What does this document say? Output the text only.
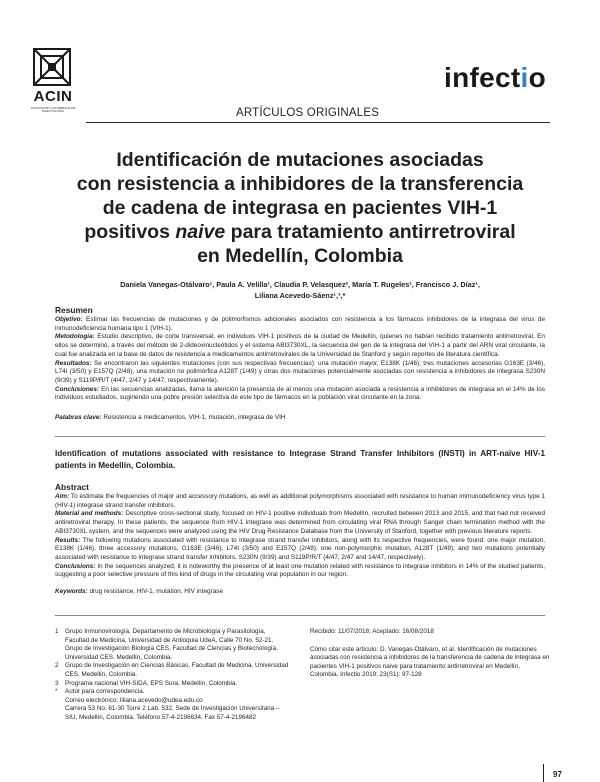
ACIN
ASOCIACIÓN COLOMBIANA DE INFECTOLOGÍA
infectio
ARTÍCULOS ORIGINALES
Identificación de mutaciones asociadas
con resistencia a inhibidores de la transferencia
de cadena de integrasa en pacientes VIH-1
positivos naive para tratamiento antirretroviral
en Medellín, Colombia
Daniela Vanegas-Otálvaro¹, Paula A. Velilla¹, Claudia P. Velasquez², María T. Rugeles¹, Francisco J. Díaz¹,
Liliana Acevedo-Sáenz¹,³,*
Resumen
Objetivo: Estimar las frecuencias de mutaciones y de polimorfismos adicionales asociados con resistencia a los fármacos inhibidores de la integrasa del virus de inmunodeficiencia humana tipo 1 (VIH-1).
Metodología: Estudio descriptivo, de corte transversal, en individuos VIH-1 positivos de la ciudad de Medellín, quienes no habían recibido tratamiento antirretroviral. En ellos se determinó, a través del método de 2-dideoxinucleótidos y el sistema ABI3730XL, la secuencia del gen de la integrasa del VIH-1 a partir del ARN viral circulante, la cual fue analizada en la base de datos de resistencia a medicamentos antirretrovirales de la Universidad de Stanford y según reportes de literatura científica.
Resultados: Se encontraron las siguientes mutaciones (con sus respectivas frecuencias): una mutación mayor, E138K (1/46); tres mutaciones accesorias G163E (3/46), L74I (3/50) y E157Q (2/48), una mutación no polimórfica A128T (1/49) y otras dos mutaciones potencialmente asociadas con resistencia a inhibidores de integrasa S230N (9/39) y S119P/R/T (4/47, 2/47 y 14/47, respectivamente).
Conclusiones: En las secuencias analizadas, llama la atención la presencia de al menos una mutación asociada a resistencia a inhibidores de integrasa en el 14% de los individuos estudiados, sugiriendo una pobre presión selectiva de este tipo de fármacos en la población viral circulante en la zona.
Palabras clave: Resistencia a medicamentos, VIH-1, mutación, integrasa de VIH
Identification of mutations associated with resistance to Integrase Strand Transfer Inhibitors (INSTI) in ART-naïve HIV-1 patients in Medellín, Colombia.
Abstract
Aim: To estimate the frequencies of major and accessory mutations, as well as additional polymorphisms associated with resistance to human immunodeficiency virus type 1 (HIV-1) integrase strand transfer inhibitors.
Material and methods: Descriptive cross-sectional study, focused on HIV-1 positive individuals from Medellín, recruited between 2013 and 2015, and that had not received antiretroviral therapy. In these patients, the sequence from HIV-1 integrase was determined from circulating viral RNA through Sanger chain termination method with the ABI3730XL system, and the sequences were analyzed using the HIV Drug Resistance Database from the University of Stanford, together with previous literature reports.
Results: The following mutations associated with resistance to integrase strand transfer inhibitors, along with its respective frequencies, were found: one major mutation, E138K (1/46), three accessory mutations, G163E (3/46), L74I (3/50) and E157Q (2/48); one non-polymorphic mutation, A128T (1/49); and two mutations potentially associated with resistance to integrase strand transfer inhibitors, S230N (9/39) and S119P/R/T (4/47, 2/47 and 14/47, respectively).
Conclusions: In the sequences analyzed, it is noteworthy the presence of at least one mutation related with resistance to integrase inhibitors in 14% of the studied patients, suggesting a poor selective pressure of this kind of drugs in the circulating viral population in our region.
Keywords: drug resistance, HIV-1, mutation, HIV integrase
1	Grupo Inmunovirología, Departamento de Microbiología y Parasitología, Facultad de Medicina, Universidad de Antioquia UdeA, Calle 70 No. 52-21.
Grupo de Investigación Biología CES, Facultad de Ciencias y Biotecnología, Universidad CES. Medellín, Colombia.
2	Grupo de Investigación en Ciencias Básicas, Facultad de Medicina, Universidad CES, Medellín, Colombia.
3	Programa nacional VIH-SIDA, EPS Sura, Medellín, Colombia.
*	Autor para correspondencia.
Correo electrónico: liliana.acevedo@udea.edu.co
Carrera 53 No. 61-30 Torre 2 Lab. 532, Sede de Investigación Universitaria – SIU, Medellín, Colombia. Teléfono 57-4-2196634. Fax 57-4-2196482
Recibido: 11/07/2018; Aceptado: 16/08/2018
Cómo citar este artículo: D. Vanegas-Otálvaro, et al. Identificación de mutaciones asociadas con resistencia a inhibidores de la transferencia de cadena de integrasa en pacientes VIH-1 positivos naive para tratamiento antirretroviral en Medellín, Colombia. Infectio 2019; 23(S1): 97-128
97
